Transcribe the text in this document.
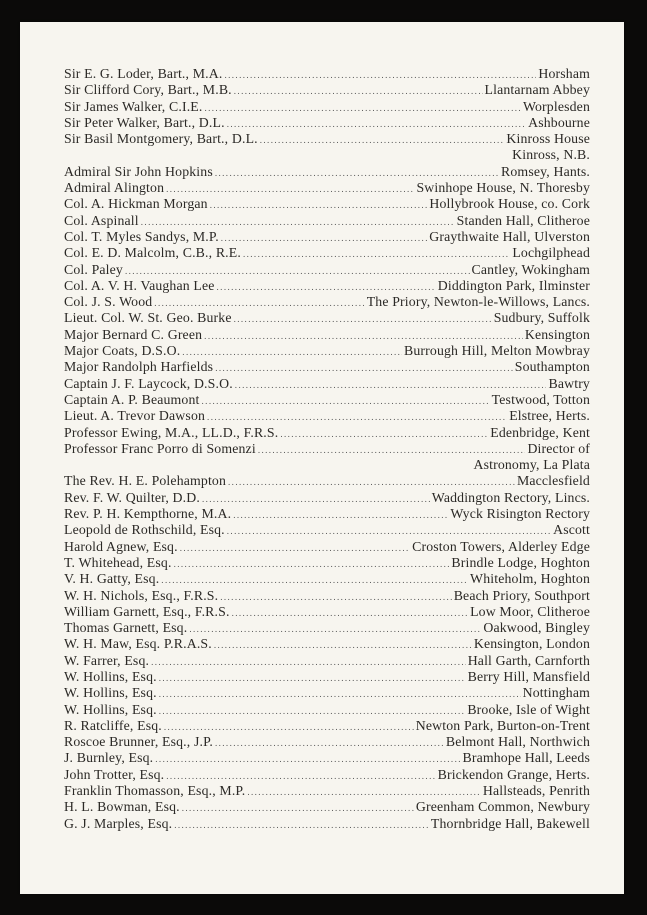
Sir E. G. Loder, Bart., M.A. .....	Horsham
Sir Clifford Cory, Bart., M.B. .....	Llantarnam Abbey
Sir James Walker, C.I.E. .....	Worplesden
Sir Peter Walker, Bart., D.L. .....	Ashbourne
Sir Basil Montgomery, Bart., D.L. .....	Kinross House
Kinross, N.B.
Admiral Sir John Hopkins .....	Romsey, Hants.
Admiral Alington .....	Swinhope House, N. Thoresby
Col. A. Hickman Morgan .....	Hollybrook House, co. Cork
Col. Aspinall .....	Standen Hall, Clitheroe
Col. T. Myles Sandys, M.P. .....	Graythwaite Hall, Ulverston
Col. E. D. Malcolm, C.B., R.E. .....	Lochgilphead
Col. Paley .....	Cantley, Wokingham
Col. A. V. H. Vaughan Lee .....	Diddington Park, Ilminster
Col. J. S. Wood .....	The Priory, Newton-le-Willows, Lancs.
Lieut. Col. W. St. Geo. Burke .....	Sudbury, Suffolk
Major Bernard C. Green .....	Kensington
Major Coats, D.S.O. .....	Burrough Hill, Melton Mowbray
Major Randolph Harfields .....	Southampton
Captain J. F. Laycock, D.S.O. .....	Bawtry
Captain A. P. Beaumont .....	Testwood, Totton
Lieut. A. Trevor Dawson .....	Elstree, Herts.
Professor Ewing, M.A., LL.D., F.R.S. .....	Edenbridge, Kent
Professor Franc Porro di Somenzi .....	Director of
Astronomy, La Plata
The Rev. H. E. Polehampton .....	Macclesfield
Rev. F. W. Quilter, D.D. .....	Waddington Rectory, Lincs.
Rev. P. H. Kempthorne, M.A. .....	Wyck Risington Rectory
Leopold de Rothschild, Esq. .....	Ascott
Harold Agnew, Esq. .....	Croston Towers, Alderley Edge
T. Whitehead, Esq. .....	Brindle Lodge, Hoghton
V. H. Gatty, Esq. .....	Whiteholm, Hoghton
W. H. Nichols, Esq., F.R.S. .....	Beach Priory, Southport
William Garnett, Esq., F.R.S. .....	Low Moor, Clitheroe
Thomas Garnett, Esq. .....	Oakwood, Bingley
W. H. Maw, Esq. P.R.A.S. .....	Kensington, London
W. Farrer, Esq. .....	Hall Garth, Carnforth
W. Hollins, Esq. .....	Berry Hill, Mansfield
W. Hollins, Esq. .....	Nottingham
W. Hollins, Esq. .....	Brooke, Isle of Wight
R. Ratcliffe, Esq. .....	Newton Park, Burton-on-Trent
Roscoe Brunner, Esq., J.P. .....	Belmont Hall, Northwich
J. Burnley, Esq. .....	Bramhope Hall, Leeds
John Trotter, Esq. .....	Brickendon Grange, Herts.
Franklin Thomasson, Esq., M.P. .....	Hallsteads, Penrith
H. L. Bowman, Esq. .....	Greenham Common, Newbury
G. J. Marples, Esq. .....	Thornbridge Hall, Bakewell
